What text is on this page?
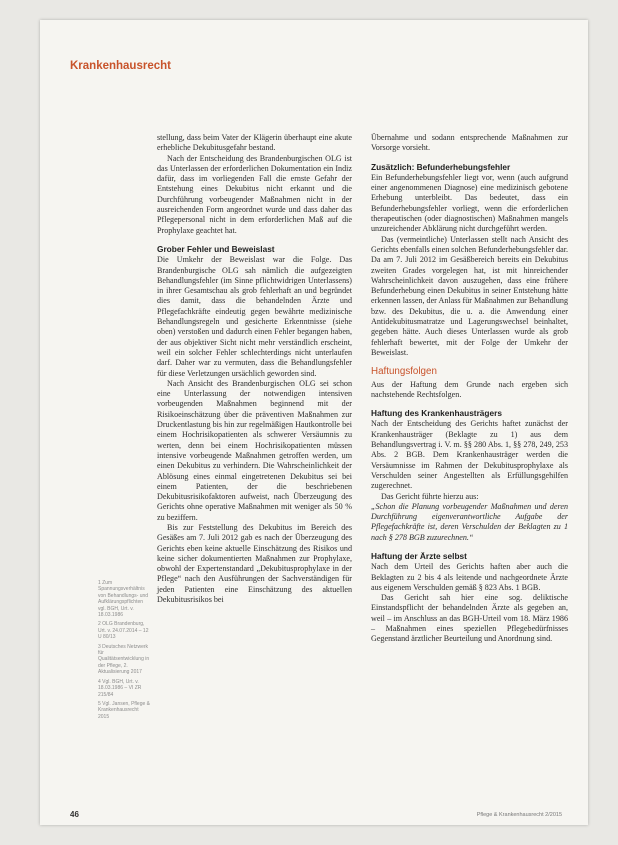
Krankenhausrecht

stellung, dass beim Vater der Klägerin überhaupt eine akute erhebliche Dekubitusgefahr bestand.

Nach der Entscheidung des Brandenburgischen OLG ist das Unterlassen der erforderlichen Dokumentation ein Indiz dafür, dass im vorliegenden Fall die ernste Gefahr der Entstehung eines Dekubitus nicht erkannt und die Durchführung vorbeugender Maßnahmen nicht in der ausreichenden Form angeordnet wurde und dass daher das Pflegepersonal nicht in dem erforderlichen Maß auf die Prophylaxe geachtet hat.

Grober Fehler und Beweislast

Die Umkehr der Beweislast war die Folge. Das Brandenburgische OLG sah nämlich die aufgezeigten Behandlungsfehler (im Sinne pflichtwidrigen Unterlassens) in ihrer Gesamtschau als grob fehlerhaft an und begründet dies damit, dass die behandelnden Ärzte und Pflegefachkräfte eindeutig gegen bewährte medizinische Behandlungsregeln und gesicherte Erkenntnisse (siehe oben) verstoßen und dadurch einen Fehler begangen haben, der aus objektiver Sicht nicht mehr verständlich erscheint, weil ein solcher Fehler schlechterdings nicht unterlaufen darf. Daher war zu vermuten, dass die Behandlungsfehler für diese Verletzungen ursächlich geworden sind.

Nach Ansicht des Brandenburgischen OLG sei schon eine Unterlassung der notwendigen intensiven vorbeugenden Maßnahmen beginnend mit der Risikoeinschätzung über die präventiven Maßnahmen zur Druckentlastung bis hin zur regelmäßigen Hautkontrolle bei einem Hochrisikopatienten als schwerer Versäumnis zu werten, denn bei einem Hochrisikopatienten müssen intensive vorbeugende Maßnahmen getroffen werden, um einen Dekubitus zu verhindern. Die Wahrscheinlichkeit der Ablösung eines einmal eingetretenen Dekubitus sei bei einem Patienten, der die beschriebenen Dekubitusrisikofaktoren aufweist, nach Überzeugung des Gerichts ohne operative Maßnahmen mit weniger als 50 % zu beziffern.

Bis zur Feststellung des Dekubitus im Bereich des Gesäßes am 7. Juli 2012 gab es nach der Überzeugung des Gerichts eben keine aktuelle Einschätzung des Risikos und keine sicher dokumentierten Maßnahmen zur Prophylaxe, obwohl der Expertenstandard „Dekubitusprophylaxe in der Pflege“ nach den Ausführungen der Sachverständigen für jeden Patienten eine Einschätzung des aktuellen Dekubitusrisikos bei

Übernahme und sodann entsprechende Maßnahmen zur Vorsorge vorsieht.

Zusätzlich: Befunderhebungsfehler

Ein Befunderhebungsfehler liegt vor, wenn (auch aufgrund einer angenommenen Diagnose) eine medizinisch gebotene Erhebung unterbleibt. Das bedeutet, dass ein Befunderhebungsfehler vorliegt, wenn die erforderlichen therapeutischen (oder diagnostischen) Maßnahmen mangels unzureichender Abklärung nicht durchgeführt werden.

Das (vermeintliche) Unterlassen stellt nach Ansicht des Gerichts ebenfalls einen solchen Befunderhebungsfehler dar. Da am 7. Juli 2012 im Gesäßbereich bereits ein Dekubitus zweiten Grades vorgelegen hat, ist mit hinreichender Wahrscheinlichkeit davon auszugehen, dass eine frühere Befunderhebung einen Dekubitus in seiner Entstehung hätte erkennen lassen, der Anlass für Maßnahmen zur Behandlung bzw. des Dekubitus, die u. a. die Anwendung einer Antidekubitusmatratze und Lagerungswechsel beinhaltet, gegeben hätte. Auch dieses Unterlassen wurde als grob fehlerhaft bewertet, mit der Folge der Umkehr der Beweislast.

Haftungsfolgen

Aus der Haftung dem Grunde nach ergeben sich nachstehende Rechtsfolgen.

Haftung des Krankenhausträgers

Nach der Entscheidung des Gerichts haftet zunächst der Krankenhausträger (Beklagte zu 1) aus dem Behandlungsvertrag i. V. m. §§ 280 Abs. 1, §§ 278, 249, 253 Abs. 2 BGB. Dem Krankenhausträger werden die Versäumnisse im Rahmen der Dekubitusprophylaxe als Verschulden seiner Angestellten als Erfüllungsgehilfen zugerechnet.

Das Gericht führte hierzu aus:

„Schon die Planung vorbeugender Maßnahmen und deren Durchführung eigenverantwortliche Aufgabe der Pflegefachkräfte ist, deren Verschulden der Beklagten zu 1 nach § 278 BGB zuzurechnen.“

Haftung der Ärzte selbst

Nach dem Urteil des Gerichts haften aber auch die Beklagten zu 2 bis 4 als leitende und nachgeordnete Ärzte aus eigenem Verschulden gemäß § 823 Abs. 1 BGB.

Das Gericht sah hier eine sog. deliktische Einstandspflicht der behandelnden Ärzte als gegeben an, weil – im Anschluss an das BGH-Urteil vom 18. März 1986 – Maßnahmen eines speziellen Pflegebedürfnisses Gegenstand ärztlicher Beurteilung und Anordnung sind.

1 Zum Spannungsverhältnis von Behandlungs- und Aufklärungspflichten vgl. BGH, Urt. v. 18.03.1986
2 OLG Brandenburg, Urt. v. 24.07.2014 – 12 U 80/13
3 Deutsches Netzwerk für Qualitätsentwicklung in der Pflege, 2. Aktualisierung 2017
4 Vgl. BGH, Urt. v. 18.03.1986 – VI ZR 215/84
5 Vgl. Jansen, Pflege & Krankenhausrecht 2015
46	Pflege & Krankenhausrecht 2/2015
